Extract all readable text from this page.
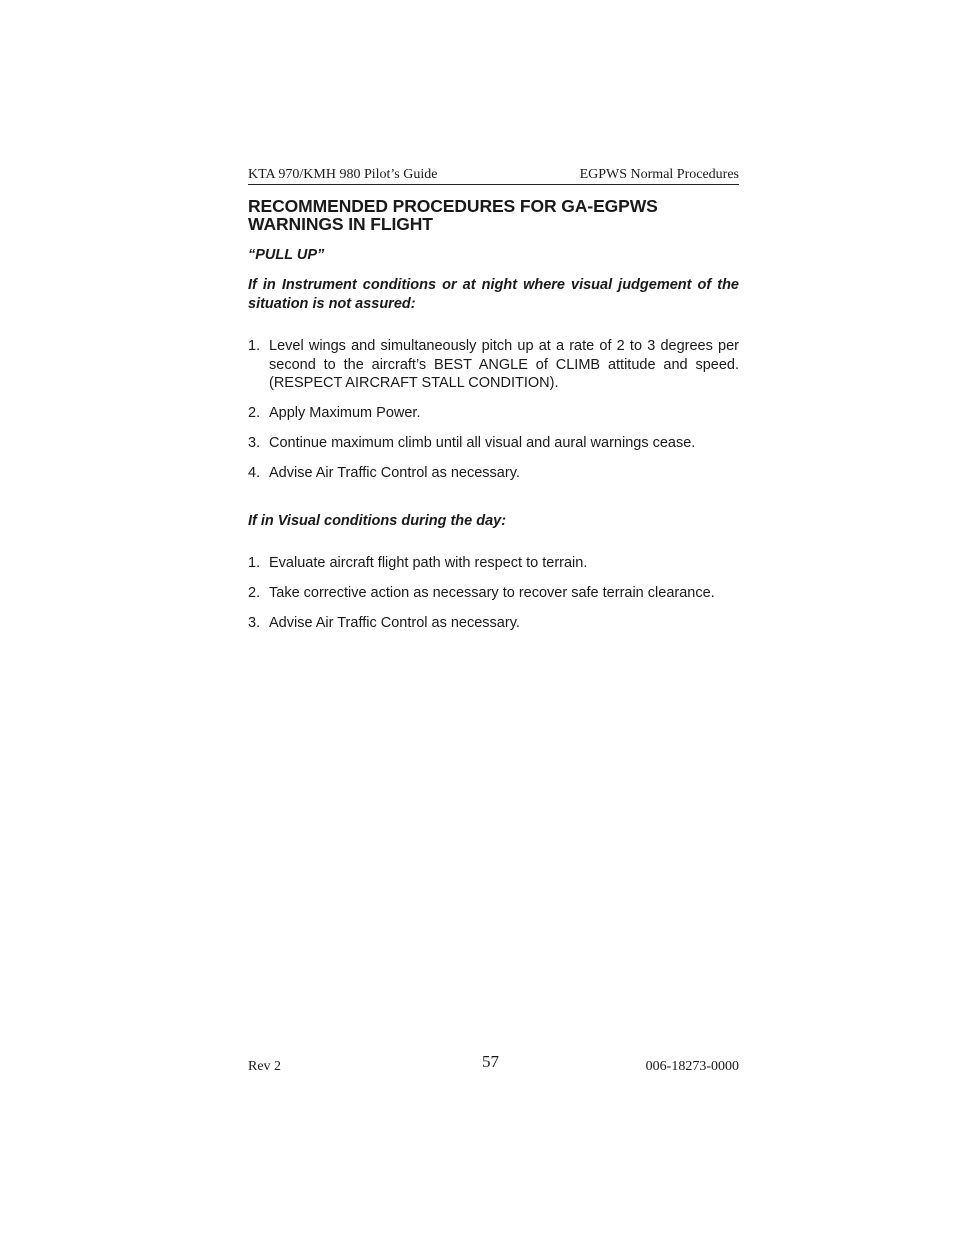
KTA 970/KMH 980 Pilot’s Guide	EGPWS Normal Procedures
RECOMMENDED PROCEDURES FOR GA-EGPWS
WARNINGS IN FLIGHT
“PULL UP”
If in Instrument conditions or at night where visual judgement of the situation is not assured:
1. Level wings and simultaneously pitch up at a rate of 2 to 3 degrees per second to the aircraft’s BEST ANGLE of CLIMB attitude and speed. (RESPECT AIRCRAFT STALL CONDITION).
2. Apply Maximum Power.
3. Continue maximum climb until all visual and aural warnings cease.
4. Advise Air Traffic Control as necessary.
If in Visual conditions during the day:
1. Evaluate aircraft flight path with respect to terrain.
2. Take corrective action as necessary to recover safe terrain clearance.
3. Advise Air Traffic Control as necessary.
Rev 2	57	006-18273-0000
